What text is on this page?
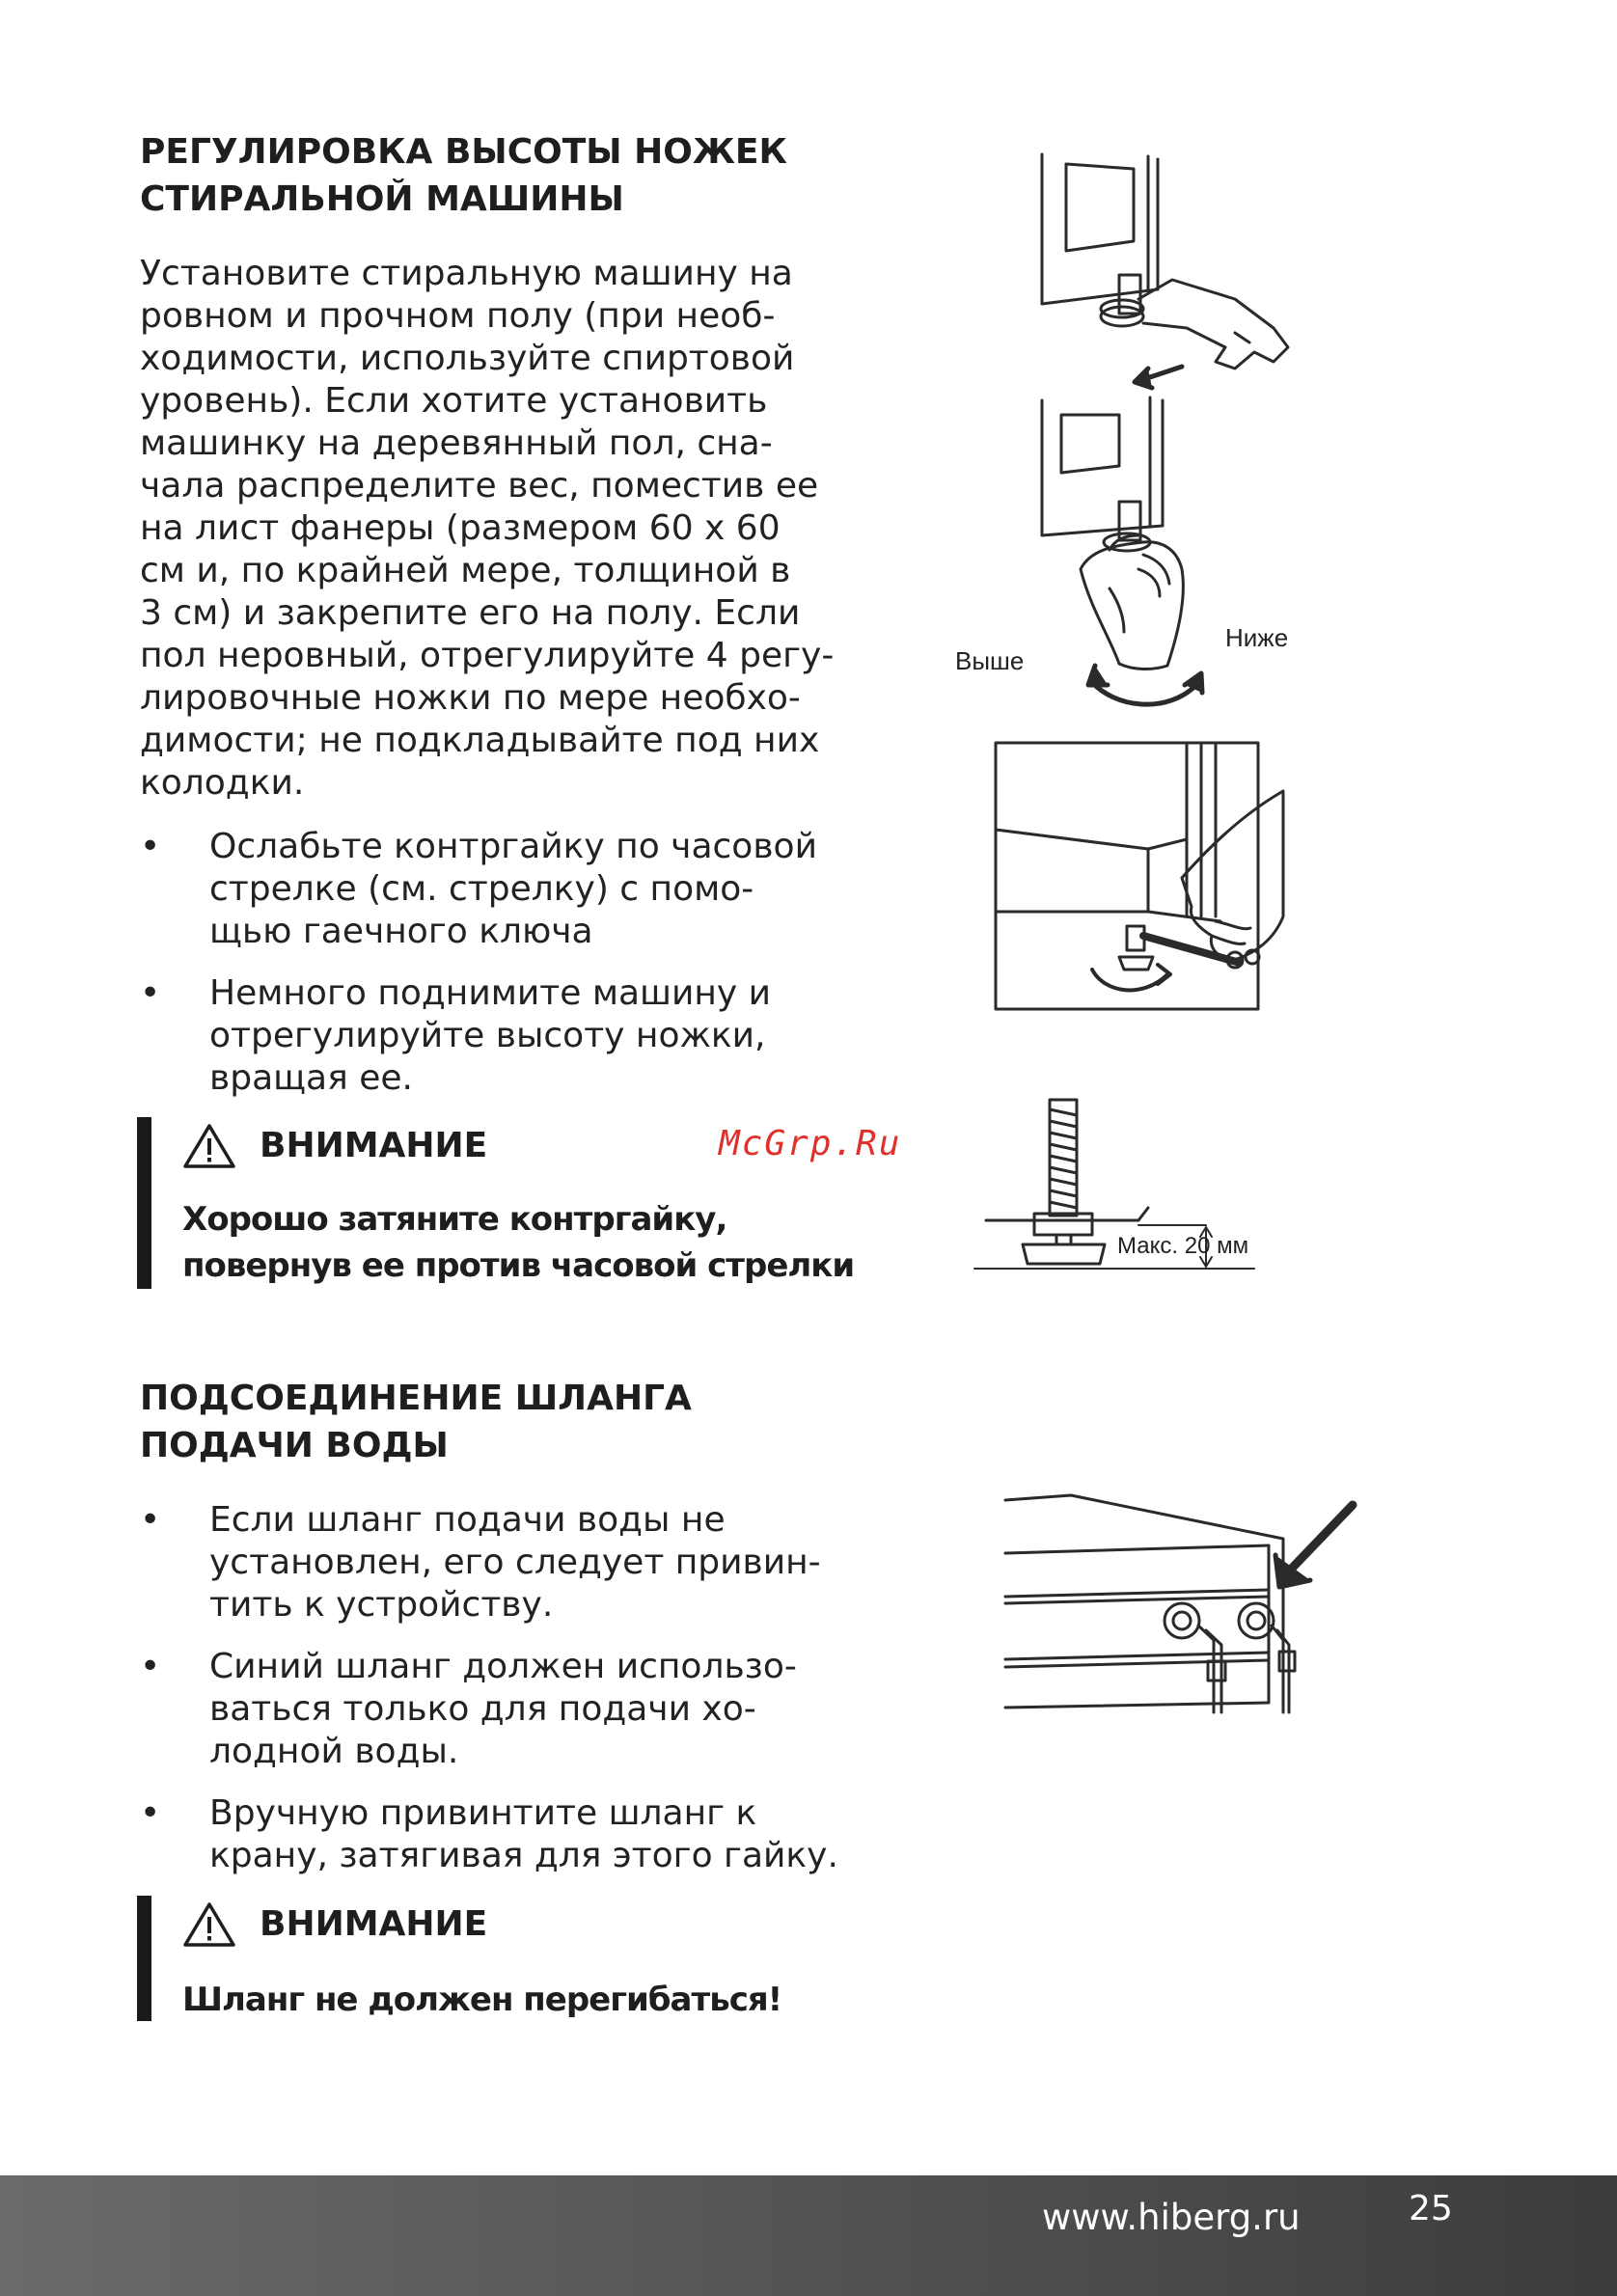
РЕГУЛИРОВКА ВЫСОТЫ НОЖЕК
СТИРАЛЬНОЙ МАШИНЫ

Установите стиральную машину на
ровном и прочном полу (при необ-
ходимости, используйте спиртовой
уровень). Если хотите установить
машинку на деревянный пол, сна-
чала распределите вес, поместив ее
на лист фанеры (размером 60 х 60
см и, по крайней мере, толщиной в
3 см) и закрепите его на полу. Если
пол неровный, отрегулируйте 4 регу-
лировочные ножки по мере необхо-
димости; не подкладывайте под них
колодки.

• Ослабьте контргайку по часовой
стрелке (см. стрелку) с помо-
щью гаечного ключа
• Немного поднимите машину и
отрегулируйте высоту ножки,
вращая ее.
ВНИМАНИЕ
Хорошо затяните контргайку,
повернув ее против часовой стрелки
McGrp.Ru
ПОДСОЕДИНЕНИЕ ШЛАНГА
ПОДАЧИ ВОДЫ
• Если шланг подачи воды не
установлен, его следует привин-
тить к устройству.
• Синий шланг должен использо-
ваться только для подачи хо-
лодной воды.
• Вручную привинтите шланг к
крану, затягивая для этого гайку.
ВНИМАНИЕ
Шланг не должен перегибаться!
Выше
Ниже
Макс. 20 мм
www.hiberg.ru	25
